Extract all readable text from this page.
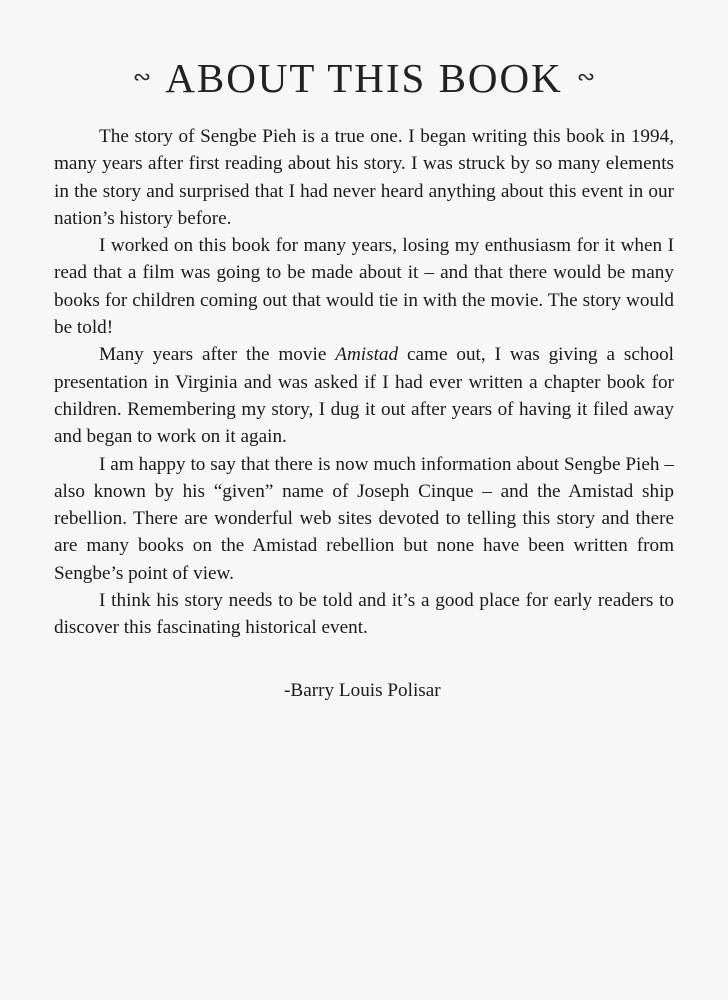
∾ ABOUT THIS BOOK ∾

The story of Sengbe Pieh is a true one. I began writing this book in 1994, many years after first reading about his story. I was struck by so many elements in the story and surprised that I had never heard anything about this event in our nation’s history before.

I worked on this book for many years, losing my enthusiasm for it when I read that a film was going to be made about it – and that there would be many books for children coming out that would tie in with the movie. The story would be told!

Many years after the movie Amistad came out, I was giving a school presentation in Virginia and was asked if I had ever written a chapter book for children. Remembering my story, I dug it out after years of having it filed away and began to work on it again.

I am happy to say that there is now much information about Sengbe Pieh – also known by his “given” name of Joseph Cinque – and the Amistad ship rebellion. There are wonderful web sites devoted to telling this story and there are many books on the Amistad rebellion but none have been written from Sengbe’s point of view.

I think his story needs to be told and it’s a good place for early readers to discover this fascinating historical event.

-Barry Louis Polisar
